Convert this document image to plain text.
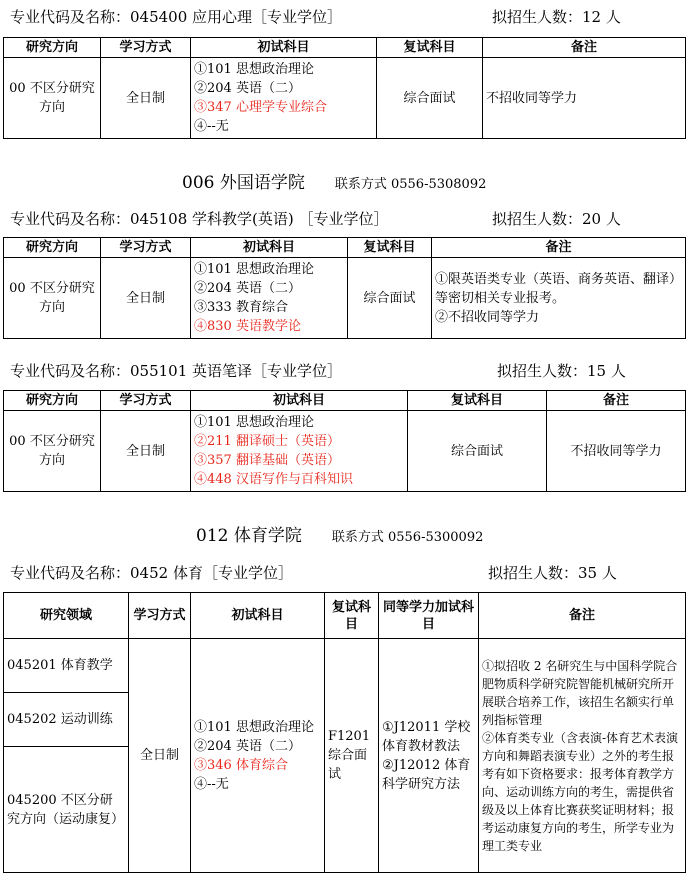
专业代码及名称：045400 应用心理［专业学位］	拟招生人数：12 人
研究方向	学习方式	初试科目	复试科目	备注
00 不区分研究方向	全日制	①101 思想政治理论
②204 英语（二）
③347 心理学专业综合
④--无	综合面试	不招收同等学力
006 外国语学院 联系方式 0556-5308092
专业代码及名称：045108 学科教学(英语) ［专业学位］	拟招生人数：20 人
研究方向	学习方式	初试科目	复试科目	备注
00 不区分研究方向	全日制	①101 思想政治理论
②204 英语（二）
③333 教育综合
④830 英语教学论	综合面试	①限英语类专业（英语、商务英语、翻译）等密切相关专业报考。
②不招收同等学力
专业代码及名称：055101 英语笔译［专业学位］	拟招生人数：15 人
研究方向	学习方式	初试科目	复试科目	备注
00 不区分研究方向	全日制	①101 思想政治理论
②211 翻译硕士（英语）
③357 翻译基础（英语）
④448 汉语写作与百科知识	综合面试	不招收同等学力
012 体育学院 联系方式 0556-5300092
专业代码及名称：0452 体育［专业学位］	拟招生人数：35 人
研究领域	学习方式	初试科目	复试科目	同等学力加试科目	备注
045201 体育教学	全日制	①101 思想政治理论
②204 英语（二）
③346 体育综合
④--无	F1201 综合面试	①J12011 学校体育教材教法
②J12012 体育科学研究方法	①拟招收 2 名研究生与中国科学院合肥物质科学研究院智能机械研究所开展联合培养工作，该招生名额实行单列指标管理
②体育类专业（含表演-体育艺术表演方向和舞蹈表演专业）之外的考生报考有如下资格要求：报考体育教学方向、运动训练方向的考生，需提供省级及以上体育比赛获奖证明材料；报考运动康复方向的考生，所学专业为理工类专业

045202 运动训练					
045200 不区分研究方向（运动康复）					
